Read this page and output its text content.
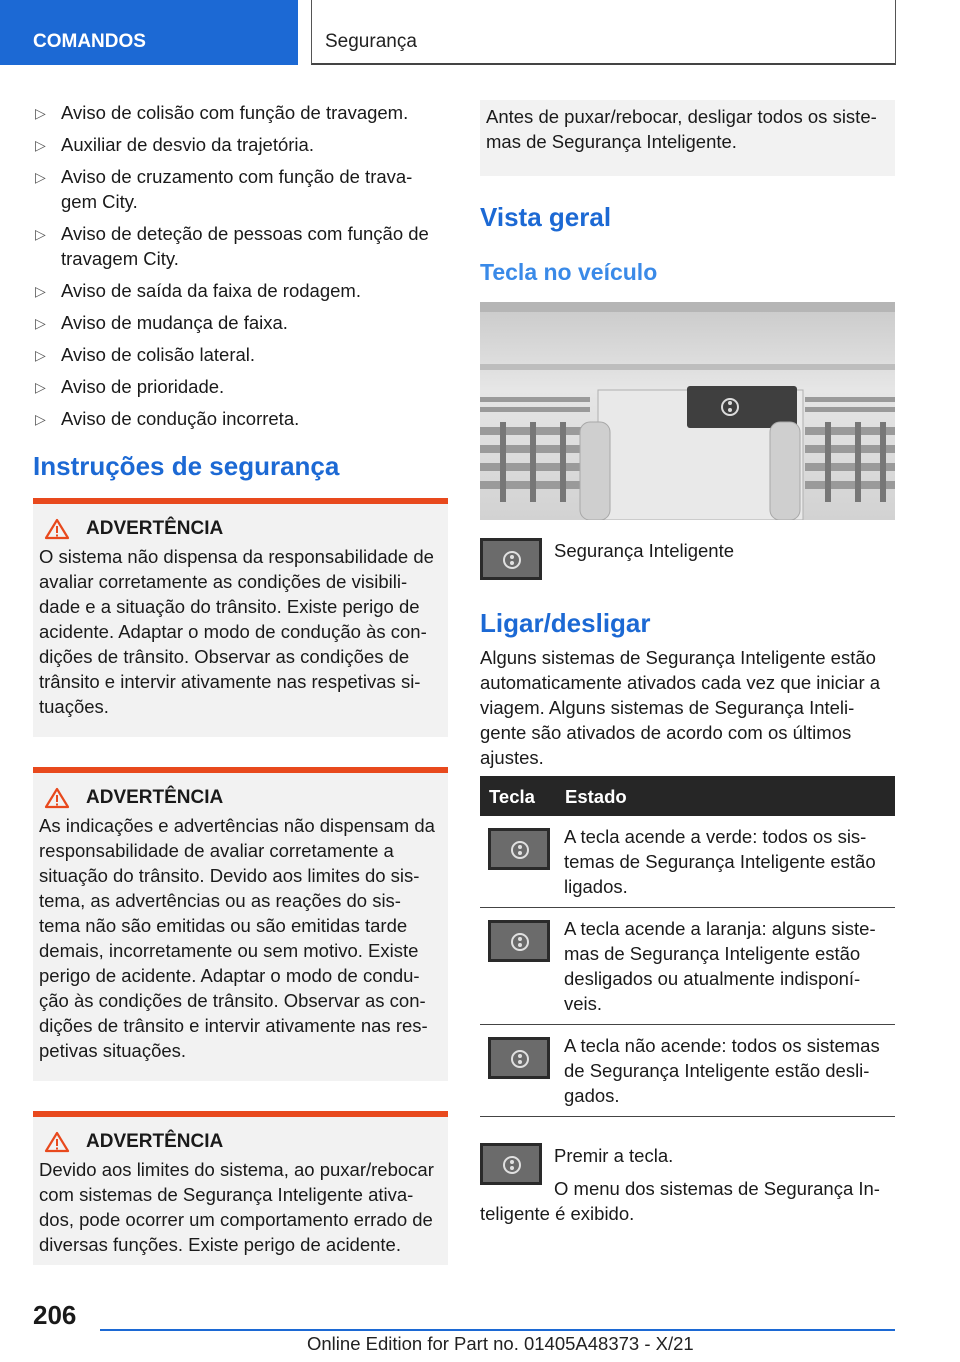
COMANDOS	Segurança
▷ Aviso de colisão com função de travagem.
▷ Auxiliar de desvio da trajetória.
▷ Aviso de cruzamento com função de trava-gem City.
▷ Aviso de deteção de pessoas com função de travagem City.
▷ Aviso de saída da faixa de rodagem.
▷ Aviso de mudança de faixa.
▷ Aviso de colisão lateral.
▷ Aviso de prioridade.
▷ Aviso de condução incorreta.
Instruções de segurança
ADVERTÊNCIA

O sistema não dispensa da responsabilidade de avaliar corretamente as condições de visibili-dade e a situação do trânsito. Existe perigo de acidente. Adaptar o modo de condução às con-dições de trânsito. Observar as condições de trânsito e intervir ativamente nas respetivas si-tuações.

ADVERTÊNCIA

As indicações e advertências não dispensam da responsabilidade de avaliar corretamente a situação do trânsito. Devido aos limites do sis-tema, as advertências ou as reações do sis-tema não são emitidas ou são emitidas tarde demais, incorretamente ou sem motivo. Existe perigo de acidente. Adaptar o modo de condu-ção às condições de trânsito. Observar as con-dições de trânsito e intervir ativamente nas res-petivas situações.

ADVERTÊNCIA

Devido aos limites do sistema, ao puxar/rebocar com sistemas de Segurança Inteligente ativa-dos, pode ocorrer um comportamento errado de diversas funções. Existe perigo de acidente.

Antes de puxar/rebocar, desligar todos os siste-mas de Segurança Inteligente.
Vista geral
Tecla no veículo
Segurança Inteligente
Ligar/desligar

Alguns sistemas de Segurança Inteligente estão automaticamente ativados cada vez que iniciar a viagem. Alguns sistemas de Segurança Inteli-gente são ativados de acordo com os últimos ajustes.

Tecla	Estado

	A tecla acende a verde: todos os sis-temas de Segurança Inteligente estão ligados.

	A tecla acende a laranja: alguns siste-mas de Segurança Inteligente estão desligados ou atualmente indisponí-veis.

	A tecla não acende: todos os sistemas de Segurança Inteligente estão desli-gados.

Premir a tecla.

O menu dos sistemas de Segurança In-teligente é exibido.

206
Online Edition for Part no. 01405A48373 - X/21
